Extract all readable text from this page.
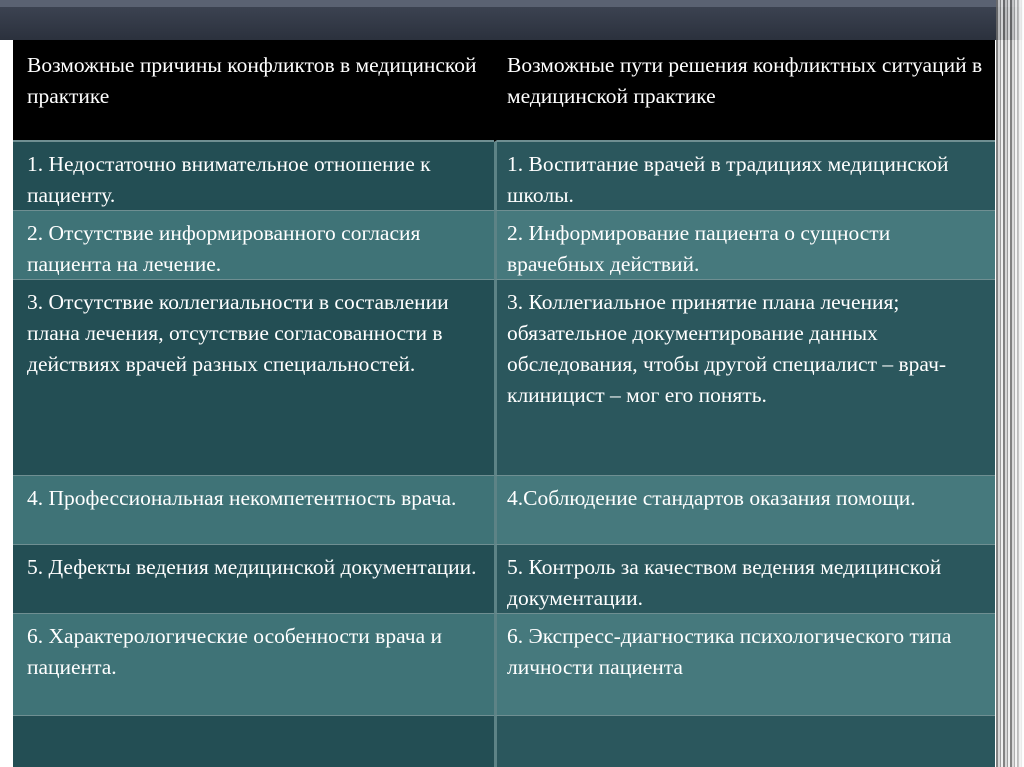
Возможные причины конфликтов в медицинской практике
Возможные пути решения конфликтных ситуаций в медицинской практике
1. Недостаточно внимательное отношение к пациенту.
1. Воспитание врачей в традициях медицинской школы.
2. Отсутствие информированного согласия пациента на лечение.
2. Информирование пациента о сущности врачебных действий.
3. Отсутствие коллегиальности в составлении плана лечения, отсутствие согласованности в действиях врачей разных специальностей.
3. Коллегиальное принятие плана лечения; обязательное документирование данных обследования, чтобы другой специалист – врач-клиницист – мог его понять.
4. Профессиональная некомпетентность врача.	4.Соблюдение стандартов оказания помощи.
5. Дефекты ведения медицинской документации.	5. Контроль за качеством ведения медицинской документации.
6. Характерологические особенности врача и пациента.
6. Экспресс-диагностика психологического типа личности пациента
